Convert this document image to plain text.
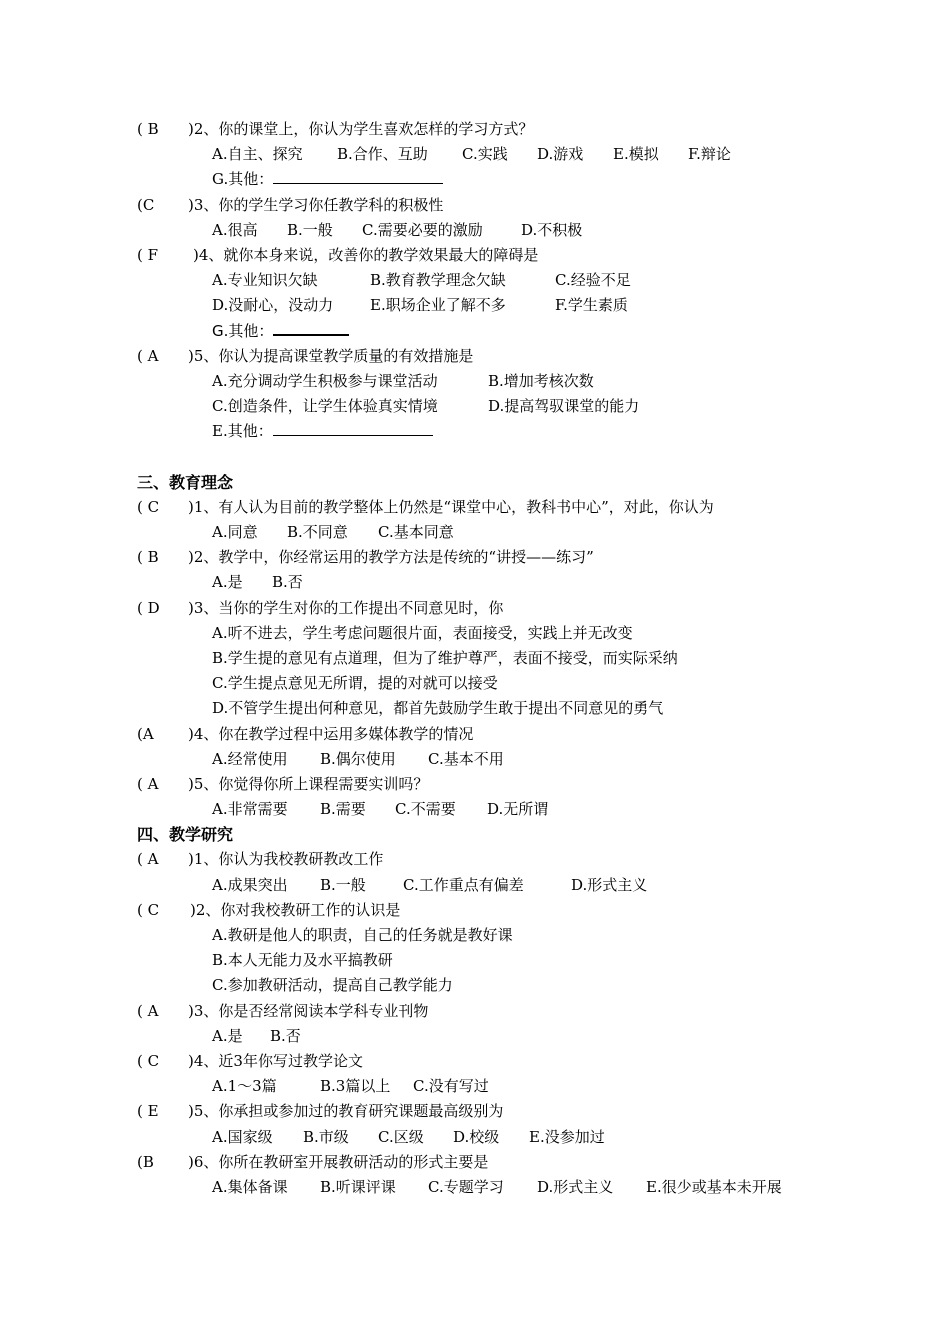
( B )2、你的课堂上，你认为学生喜欢怎样的学习方式？
A.自主、探究 B.合作、互助 C.实践 D.游戏 E.模拟 F.辩论
G.其他：
(C )3、你的学生学习你任教学科的积极性
A.很高 B.一般 C.需要必要的激励	D.不积极
( F )4、就你本身来说，改善你的教学效果最大的障碍是
A.专业知识欠缺	B.教育教学理念欠缺	C.经验不足
D.没耐心，没动力 E.职场企业了解不多	F.学生素质
G.其他：
( A )5、你认为提高课堂教学质量的有效措施是
A.充分调动学生积极参与课堂活动	B.增加考核次数
C.创造条件，让学生体验真实情境	D.提高驾驭课堂的能力
E.其他：
三、教育理念
( C )1、有人认为目前的教学整体上仍然是“课堂中心，教科书中心”，对此，你认为
A.同意 B.不同意 C.基本同意
( B )2、教学中，你经常运用的教学方法是传统的“讲授——练习”
A.是 B.否
( D )3、当你的学生对你的工作提出不同意见时，你
A.听不进去，学生考虑问题很片面，表面接受，实践上并无改变
B.学生提的意见有点道理，但为了维护尊严，表面不接受，而实际采纳
C.学生提点意见无所谓，提的对就可以接受
D.不管学生提出何种意见，都首先鼓励学生敢于提出不同意见的勇气
(A )4、你在教学过程中运用多媒体教学的情况
A.经常使用 B.偶尔使用 C.基本不用
( A )5、你觉得你所上课程需要实训吗？
A.非常需要 B.需要 C.不需要 D.无所谓
四、教学研究
( A )1、你认为我校教研教改工作
A.成果突出 B.一般 C.工作重点有偏差	D.形式主义
( C )2、你对我校教研工作的认识是
A.教研是他人的职责，自己的任务就是教好课
B.本人无能力及水平搞教研
C.参加教研活动，提高自己教学能力
( A )3、你是否经常阅读本学科专业刊物
A.是 B.否
( C )4、近3年你写过教学论文
A.1～3篇	B.3篇以上 C.没有写过
( E )5、你承担或参加过的教育研究课题最高级别为
A.国家级 B.市级 C.区级 D.校级 E.没参加过
(B )6、你所在教研室开展教研活动的形式主要是
A.集体备课 B.听课评课 C.专题学习 D.形式主义 E.很少或基本未开展
